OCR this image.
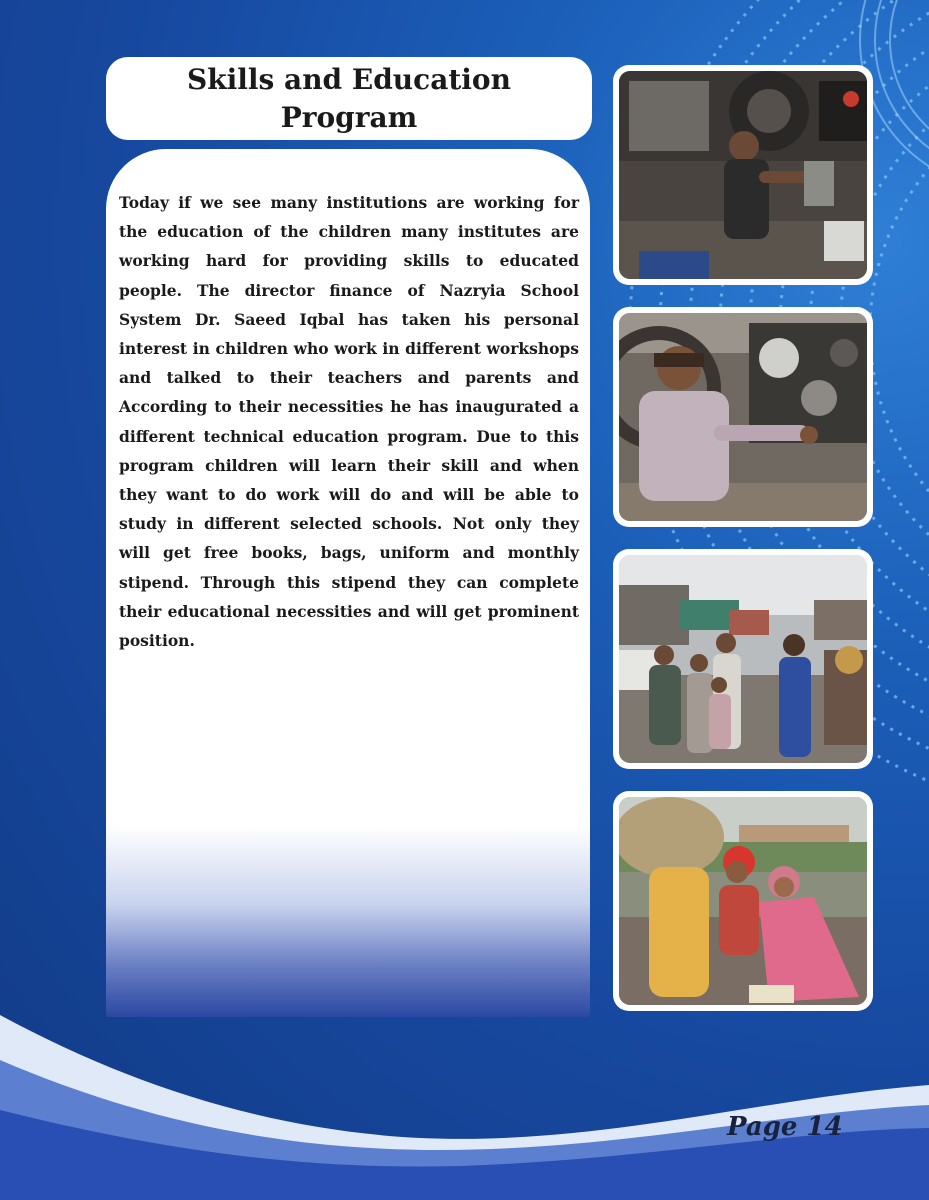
Skills and Education Program

Today if we see many institutions are working for the education of the children many institutes are working hard for providing skills to educated people. The director finance of Nazryia School System Dr. Saeed Iqbal has taken his personal interest in children who work in different workshops and talked to their teachers and parents and According to their necessities he has inaugurated a different technical education program. Due to this program children will learn their skill and when they want to do work will do and will be able to study in different selected schools. Not only they will get free books, bags, uniform and monthly stipend. Through this stipend they can complete their educational necessities and will get prominent position.

Page 14
